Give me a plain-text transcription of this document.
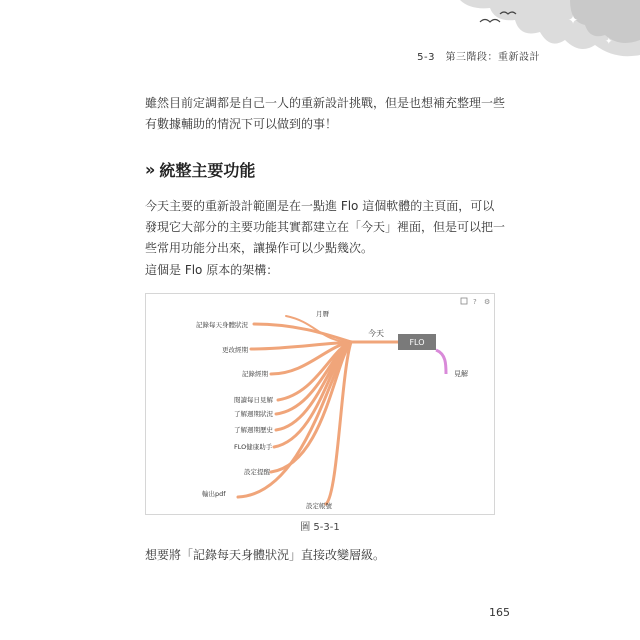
✦
✦
5-3　第三階段：重新設計
雖然目前定調都是自己一人的重新設計挑戰，但是也想補充整理一些有數據輔助的情況下可以做到的事！
» 統整主要功能
今天主要的重新設計範圍是在一點進 Flo 這個軟體的主頁面，可以發現它大部分的主要功能其實都建立在「今天」裡面，但是可以把一些常用功能分出來，讓操作可以少點幾次。
這個是 Flo 原本的架構：
? ⚙
FLO
今天
見解
月曆
記錄每天身體狀況
更改經期
記錄經期
閱讀每日見解
了解週期狀況
了解週期歷史
FLO健康助手
設定提醒
輸出pdf
設定帳號
圖 5-3-1
想要將「記錄每天身體狀況」直接改變層級。
165
